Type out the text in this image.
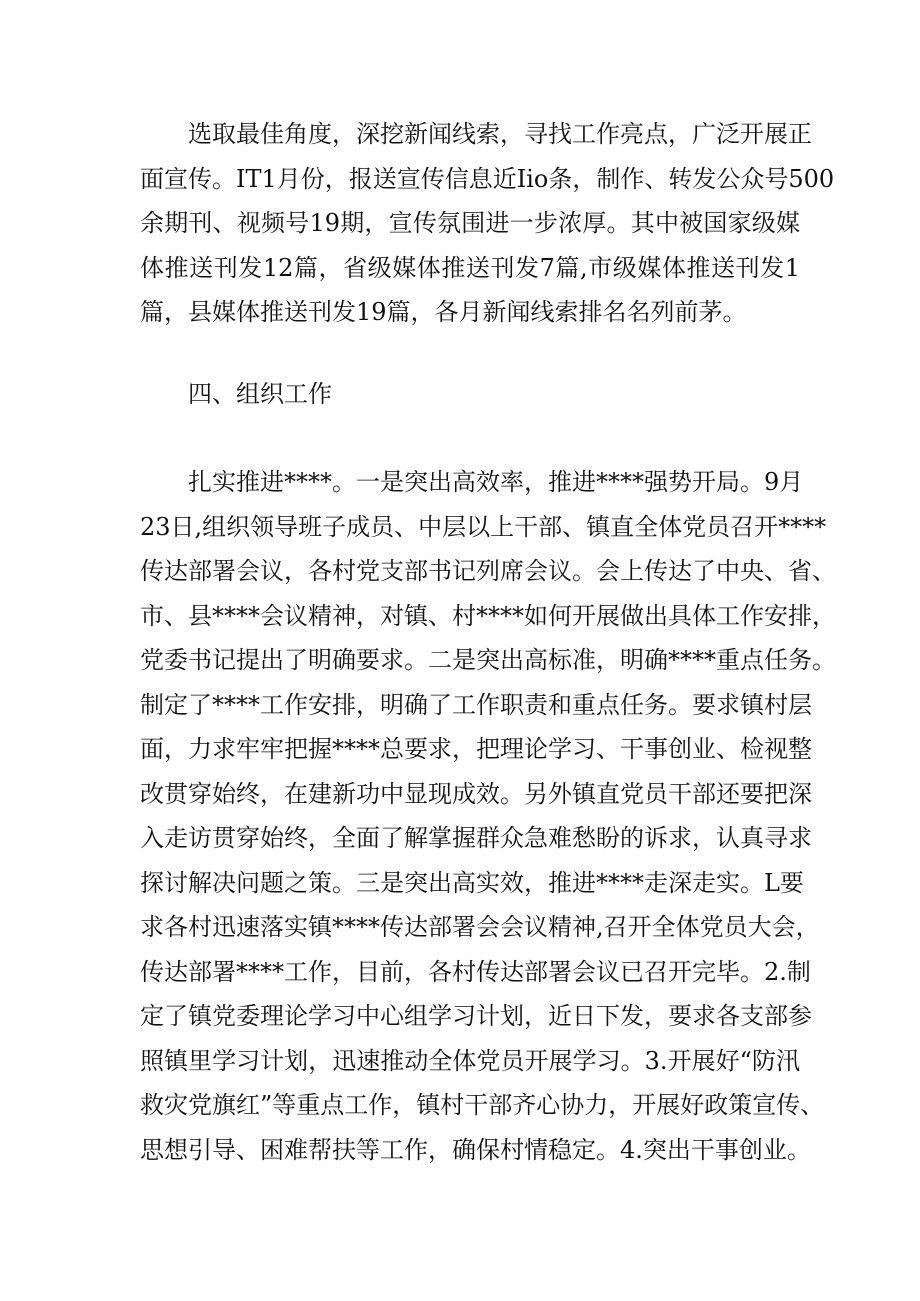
　　选取最佳角度，深挖新闻线索，寻找工作亮点，广泛开展正
面宣传。IT1月份，报送宣传信息近Iio条，制作、转发公众号500
余期刊、视频号19期，宣传氛围进一步浓厚。其中被国家级媒
体推送刊发12篇，省级媒体推送刊发7篇,市级媒体推送刊发1
篇，县媒体推送刊发19篇，各月新闻线索排名名列前茅。
　　四、组织工作
　　扎实推进****。一是突出高效率，推进****强势开局。9月
23日,组织领导班子成员、中层以上干部、镇直全体党员召开****
传达部署会议，各村党支部书记列席会议。会上传达了中央、省、
市、县****会议精神，对镇、村****如何开展做出具体工作安排，
党委书记提出了明确要求。二是突出高标准，明确****重点任务。
制定了****工作安排，明确了工作职责和重点任务。要求镇村层
面，力求牢牢把握****总要求，把理论学习、干事创业、检视整
改贯穿始终，在建新功中显现成效。另外镇直党员干部还要把深
入走访贯穿始终，全面了解掌握群众急难愁盼的诉求，认真寻求
探讨解决问题之策。三是突出高实效，推进****走深走实。L要
求各村迅速落实镇****传达部署会会议精神,召开全体党员大会，
传达部署****工作，目前，各村传达部署会议已召开完毕。2.制
定了镇党委理论学习中心组学习计划，近日下发，要求各支部参
照镇里学习计划，迅速推动全体党员开展学习。3.开展好“防汛
救灾党旗红”等重点工作，镇村干部齐心协力，开展好政策宣传、
思想引导、困难帮扶等工作，确保村情稳定。4.突出干事创业。
